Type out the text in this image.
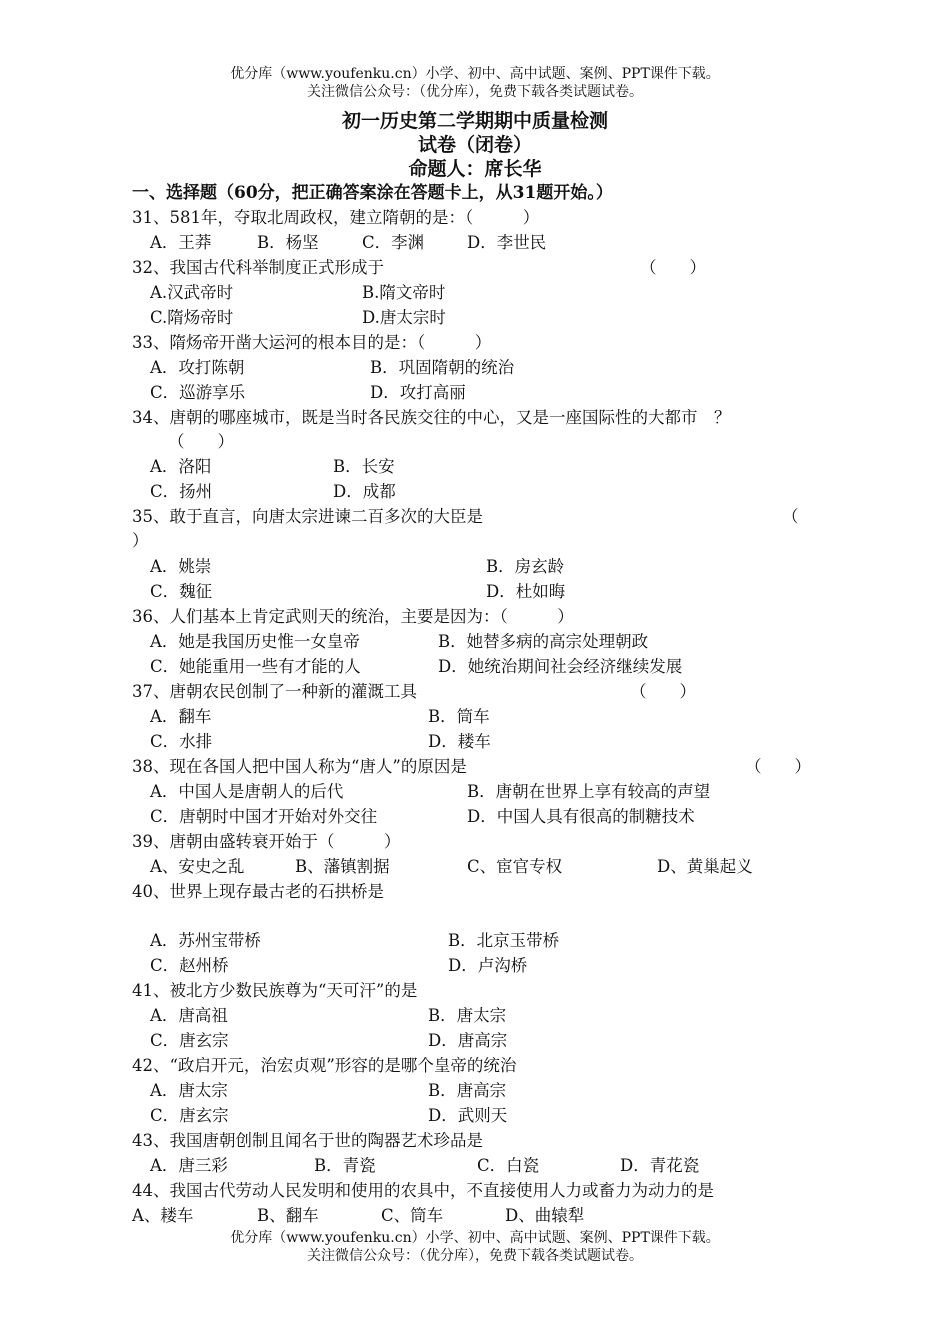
优分库（www.youfenku.cn）小学、初中、高中试题、案例、PPT课件下载。
关注微信公众号：（优分库），免费下载各类试题试卷。
初一历史第二学期期中质量检测
试卷（闭卷）
命题人：席长华
一、选择题（60分，把正确答案涂在答题卡上，从31题开始。）
31、581年，夺取北周政权，建立隋朝的是：（　　　）
A．王莽	B．杨坚	C．李渊	D．李世民
32、我国古代科举制度正式形成于	（　　）
A.汉武帝时	B.隋文帝时
C.隋炀帝时	D.唐太宗时
33、隋炀帝开凿大运河的根本目的是：（　　　）
A．攻打陈朝	B．巩固隋朝的统治
C．巡游享乐	D．攻打高丽
34、唐朝的哪座城市，既是当时各民族交往的中心，又是一座国际性的大都市　？
（　　）
A．洛阳	B．长安
C．扬州	D．成都
35、敢于直言，向唐太宗进谏二百多次的大臣是	（
）
A．姚崇	B．房玄龄
C．魏征	D．杜如晦
36、人们基本上肯定武则天的统治，主要是因为：（　　　）
A．她是我国历史惟一女皇帝	B．她替多病的高宗处理朝政
C．她能重用一些有才能的人	D．她统治期间社会经济继续发展
37、唐朝农民创制了一种新的灌溉工具	（　　）
A．翻车	B．筒车
C．水排	D．耧车
38、现在各国人把中国人称为“唐人”的原因是	（　　）
A．中国人是唐朝人的后代	B．唐朝在世界上享有较高的声望
C．唐朝时中国才开始对外交往	D．中国人具有很高的制糖技术
39、唐朝由盛转衰开始于（　　　）
A、安史之乱	B、藩镇割据	C、宦官专权	D、黄巢起义
40、世界上现存最古老的石拱桥是
A．苏州宝带桥	B．北京玉带桥
C．赵州桥	D．卢沟桥
41、被北方少数民族尊为“天可汗”的是
A．唐高祖	B．唐太宗
C．唐玄宗	D．唐高宗
42、“政启开元，治宏贞观”形容的是哪个皇帝的统治
A．唐太宗	B．唐高宗
C．唐玄宗	D．武则天
43、我国唐朝创制且闻名于世的陶器艺术珍品是
A．唐三彩	B．青瓷	C．白瓷	D．青花瓷
44、我国古代劳动人民发明和使用的农具中，不直接使用人力或畜力为动力的是
A、耧车	B、翻车	C、筒车	D、曲辕犁
优分库（www.youfenku.cn）小学、初中、高中试题、案例、PPT课件下载。
关注微信公众号：（优分库），免费下载各类试题试卷。
